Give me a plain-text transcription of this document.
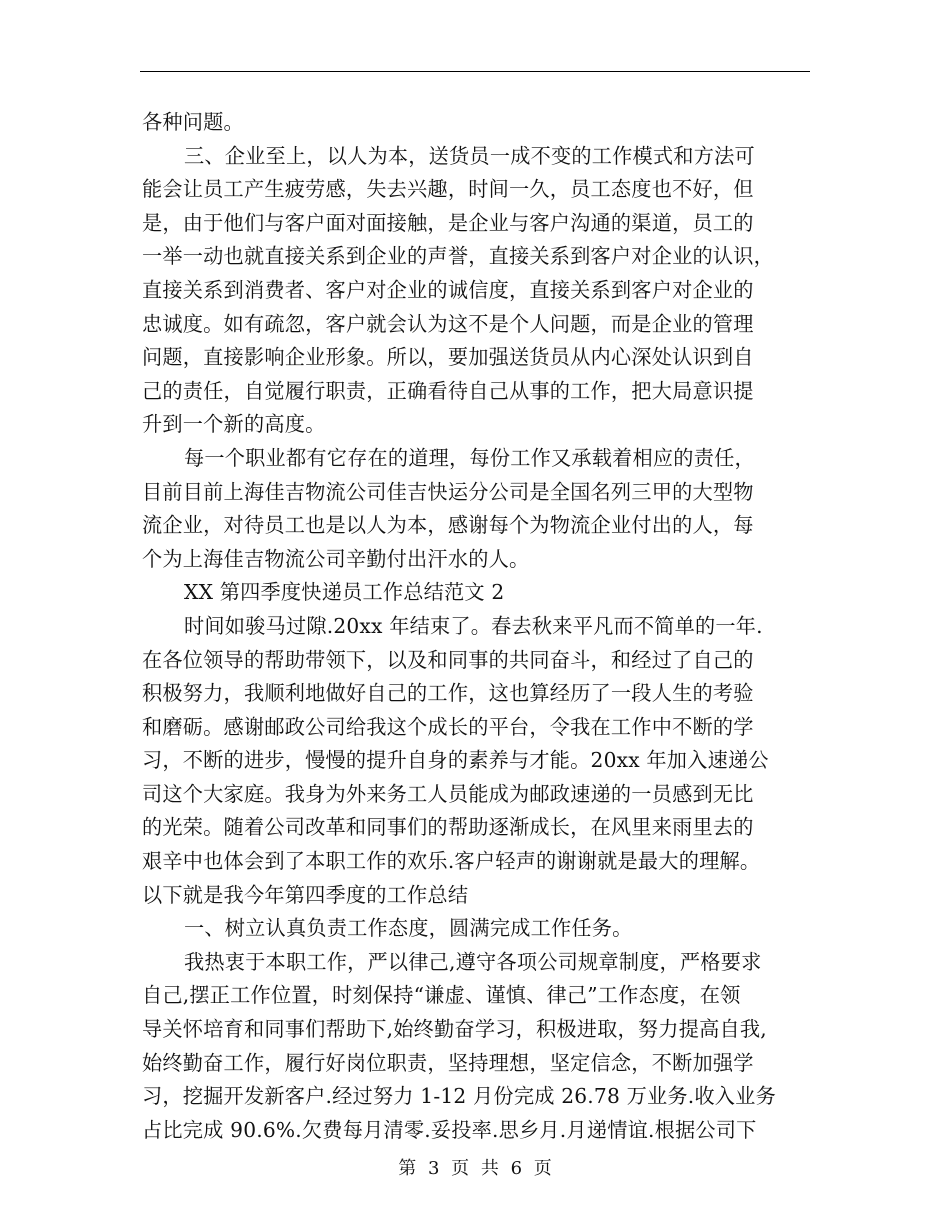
各种问题。

三、企业至上，以人为本，送货员一成不变的工作模式和方法可

能会让员工产生疲劳感，失去兴趣，时间一久，员工态度也不好，但

是，由于他们与客户面对面接触，是企业与客户沟通的渠道，员工的

一举一动也就直接关系到企业的声誉，直接关系到客户对企业的认识，

直接关系到消费者、客户对企业的诚信度，直接关系到客户对企业的

忠诚度。如有疏忽，客户就会认为这不是个人问题，而是企业的管理

问题，直接影响企业形象。所以，要加强送货员从内心深处认识到自

己的责任，自觉履行职责，正确看待自己从事的工作，把大局意识提

升到一个新的高度。

每一个职业都有它存在的道理，每份工作又承载着相应的责任，

目前目前上海佳吉物流公司佳吉快运分公司是全国名列三甲的大型物

流企业，对待员工也是以人为本，感谢每个为物流企业付出的人，每

个为上海佳吉物流公司辛勤付出汗水的人。

XX 第四季度快递员工作总结范文 2

时间如骏马过隙.20xx 年结束了。春去秋来平凡而不简单的一年.

在各位领导的帮助带领下，以及和同事的共同奋斗，和经过了自己的

积极努力，我顺利地做好自己的工作，这也算经历了一段人生的考验

和磨砺。感谢邮政公司给我这个成长的平台，令我在工作中不断的学

习，不断的进步，慢慢的提升自身的素养与才能。20xx 年加入速递公

司这个大家庭。我身为外来务工人员能成为邮政速递的一员感到无比

的光荣。随着公司改革和同事们的帮助逐渐成长，在风里来雨里去的

艰辛中也体会到了本职工作的欢乐.客户轻声的谢谢就是最大的理解。

以下就是我今年第四季度的工作总结

一、树立认真负责工作态度，圆满完成工作任务。

我热衷于本职工作，严以律己,遵守各项公司规章制度，严格要求

自己,摆正工作位置，时刻保持“谦虚、谨慎、律己”工作态度，在领

导关怀培育和同事们帮助下,始终勤奋学习，积极进取，努力提高自我,

始终勤奋工作，履行好岗位职责，坚持理想，坚定信念，不断加强学

习，挖掘开发新客户.经过努力 1-12 月份完成 26.78 万业务.收入业务

占比完成 90.6%.欠费每月清零.妥投率.思乡月.月递情谊.根据公司下

第 3 页 共 6 页
